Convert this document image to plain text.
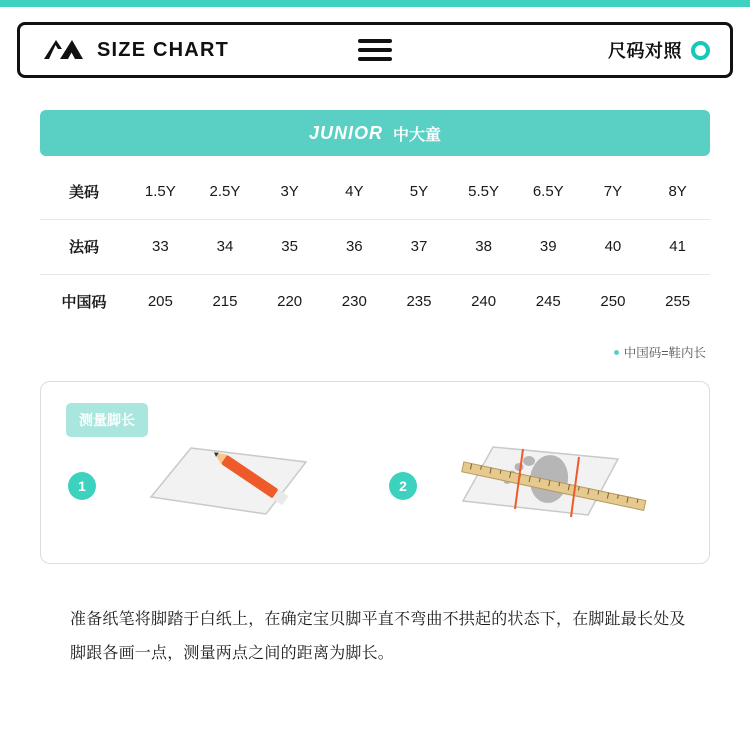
SIZE CHART	尺码对照
JUNIOR 中大童
美码	1.5Y	2.5Y	3Y	4Y	5Y	5.5Y	6.5Y	7Y	8Y
法码	33	34	35	36	37	38	39	40	41
中国码	205	215	220	230	235	240	245	250	255
中国码=鞋内长
测量脚长
1	2
准备纸笔将脚踏于白纸上，在确定宝贝脚平直不弯曲不拱起的状态下，在脚趾最长处及脚跟各画一点，测量两点之间的距离为脚长。
